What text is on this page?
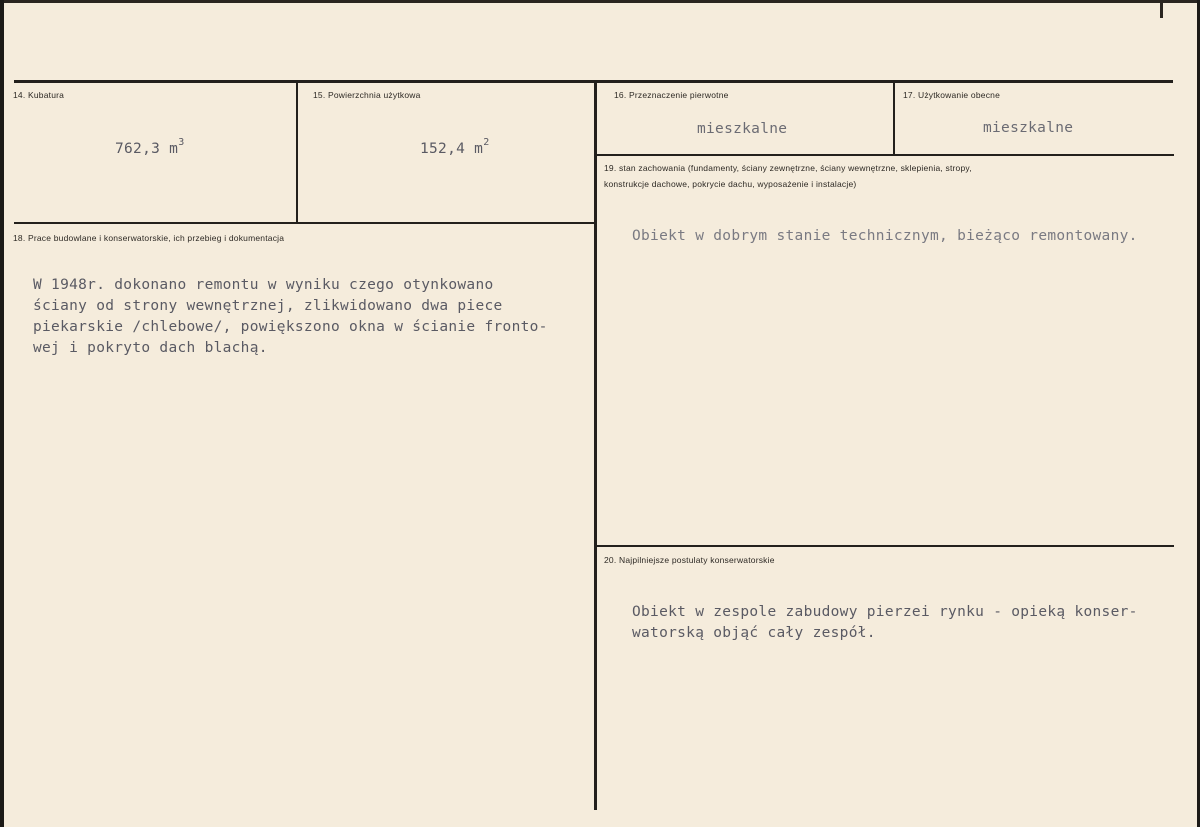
14. Kubatura
762,3 $m^3$
15. Powierzchnia użytkowa
152,4 $m^2$
16. Przeznaczenie pierwotne
mieszkalne
17. Użytkowanie obecne
mieszkalne
18. Prace budowlane i konserwatorskie, ich przebieg i dokumentacja
W 1948r. dokonano remontu w wyniku czego otynkowano
ściany od strony wewnętrznej, zlikwidowano dwa piece
piekarskie /chlebowe/, powiększono okna w ścianie fronto-
wej i pokryto dach blachą.
19. stan zachowania (fundamenty, ściany zewnętrzne, ściany wewnętrzne, sklepienia, stropy,
konstrukcje dachowe, pokrycie dachu, wyposażenie i instalacje)
Obiekt w dobrym stanie technicznym, bieżąco remontowany.
20. Najpilniejsze postulaty konserwatorskie
Obiekt w zespole zabudowy pierzei rynku - opieką konser-
watorską objąć cały zespół.
